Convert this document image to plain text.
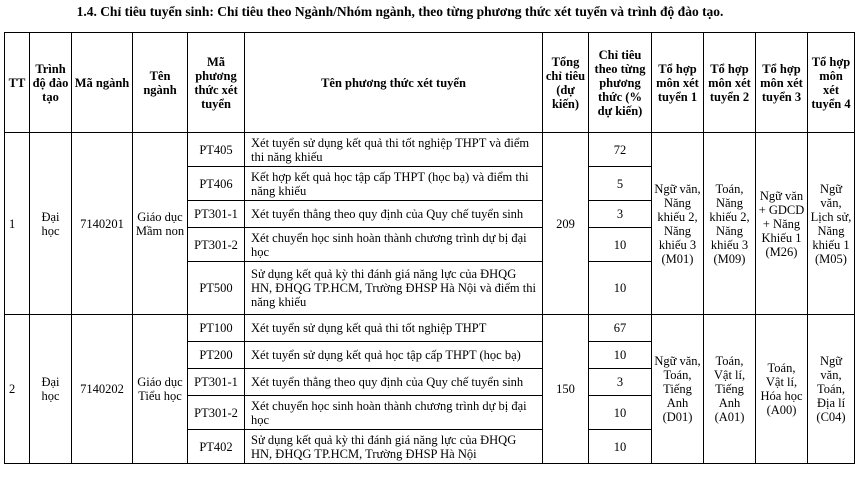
1.4. Chỉ tiêu tuyển sinh: Chỉ tiêu theo Ngành/Nhóm ngành, theo từng phương thức xét tuyển và trình độ đào tạo.
TT	Trình độ đào tạo	Mã ngành	Tên ngành	Mã phương thức xét tuyển	Tên phương thức xét tuyển	Tổng chỉ tiêu (dự kiến)	Chỉ tiêu theo từng phương thức (% dự kiến)	Tổ hợp môn xét tuyển 1	Tổ hợp môn xét tuyển 2	Tổ hợp môn xét tuyển 3	Tổ hợp môn xét tuyển 4
1	Đại học	7140201	Giáo dục Mầm non	PT405	Xét tuyển sử dụng kết quả thi tốt nghiệp THPT và điểm thi năng khiếu	209	72	Ngữ văn, Năng khiếu 2, Năng khiếu 3 (M01)	Toán, Năng khiếu 2, Năng khiếu 3 (M09)	Ngữ văn + GDCD + Năng Khiếu 1 (M26)	Ngữ văn, Lịch sử, Năng khiếu 1 (M05)
				PT406	Kết hợp kết quả học tập cấp THPT (học bạ) và điểm thi năng khiếu		5				
				PT301-1	Xét tuyển thẳng theo quy định của Quy chế tuyển sinh		3				
				PT301-2	Xét chuyển học sinh hoàn thành chương trình dự bị đại học		10				
				PT500	Sử dụng kết quả kỳ thi đánh giá năng lực của ĐHQG HN, ĐHQG TP.HCM, Trường ĐHSP Hà Nội và điểm thi năng khiếu		10				
2	Đại học	7140202	Giáo dục Tiểu học	PT100	Xét tuyển sử dụng kết quả thi tốt nghiệp THPT	150	67	Ngữ văn, Toán, Tiếng Anh (D01)	Toán, Vật lí, Tiếng Anh (A01)	Toán, Vật lí, Hóa học (A00)	Ngữ văn, Toán, Địa lí (C04)
				PT200	Xét tuyển sử dụng kết quả học tập cấp THPT (học bạ)		10				
				PT301-1	Xét tuyển thẳng theo quy định của Quy chế tuyển sinh		3				
				PT301-2	Xét chuyển học sinh hoàn thành chương trình dự bị đại học		10				
				PT402	Sử dụng kết quả kỳ thi đánh giá năng lực của ĐHQG HN, ĐHQG TP.HCM, Trường ĐHSP Hà Nội		10				
